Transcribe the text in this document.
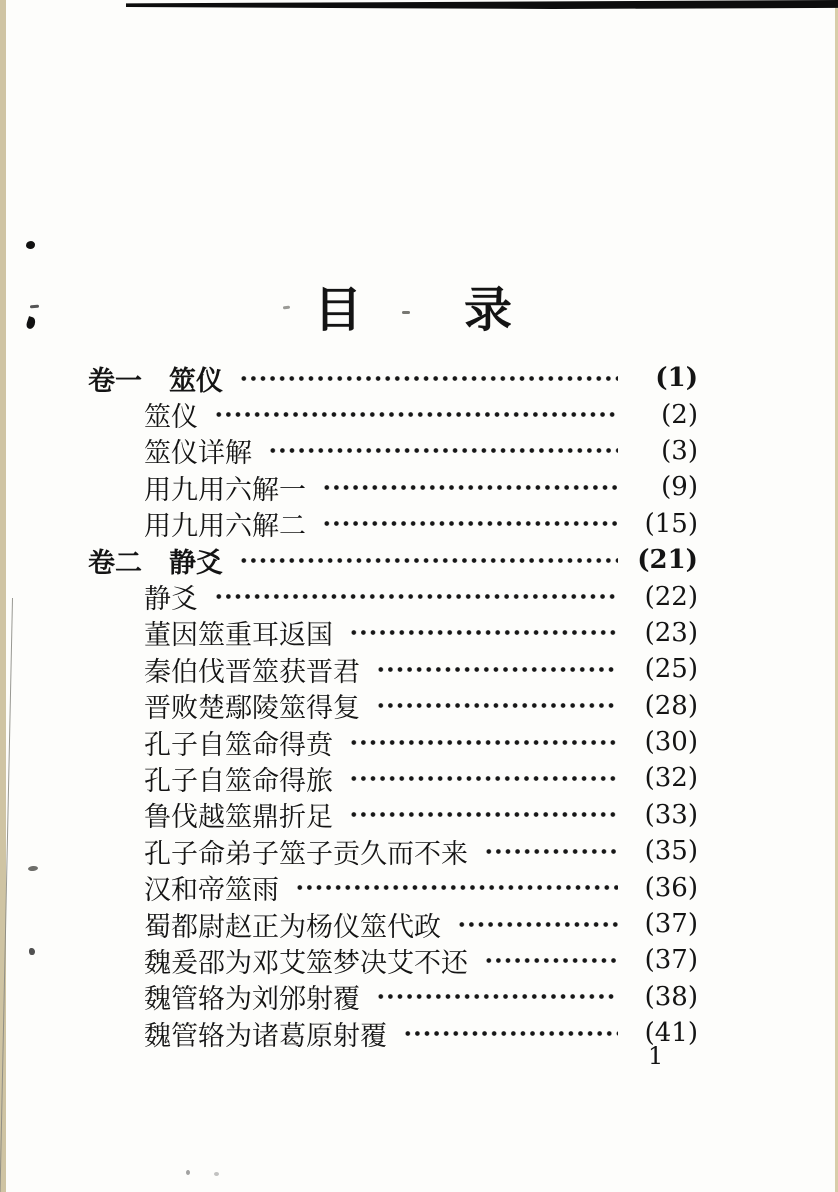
目　　录
卷一　筮仪	(1)
筮仪	(2)
筮仪详解	(3)
用九用六解一	(9)
用九用六解二	(15)
卷二　静爻	(21)
静爻	(22)
董因筮重耳返国	(23)
秦伯伐晋筮获晋君	(25)
晋败楚鄢陵筮得复	(28)
孔子自筮命得贲	(30)
孔子自筮命得旅	(32)
鲁伐越筮鼎折足	(33)
孔子命弟子筮子贡久而不来	(35)
汉和帝筮雨	(36)
蜀都尉赵正为杨仪筮代政	(37)
魏爰邵为邓艾筮梦决艾不还	(37)
魏管辂为刘邠射覆	(38)
魏管辂为诸葛原射覆	(41)
1
